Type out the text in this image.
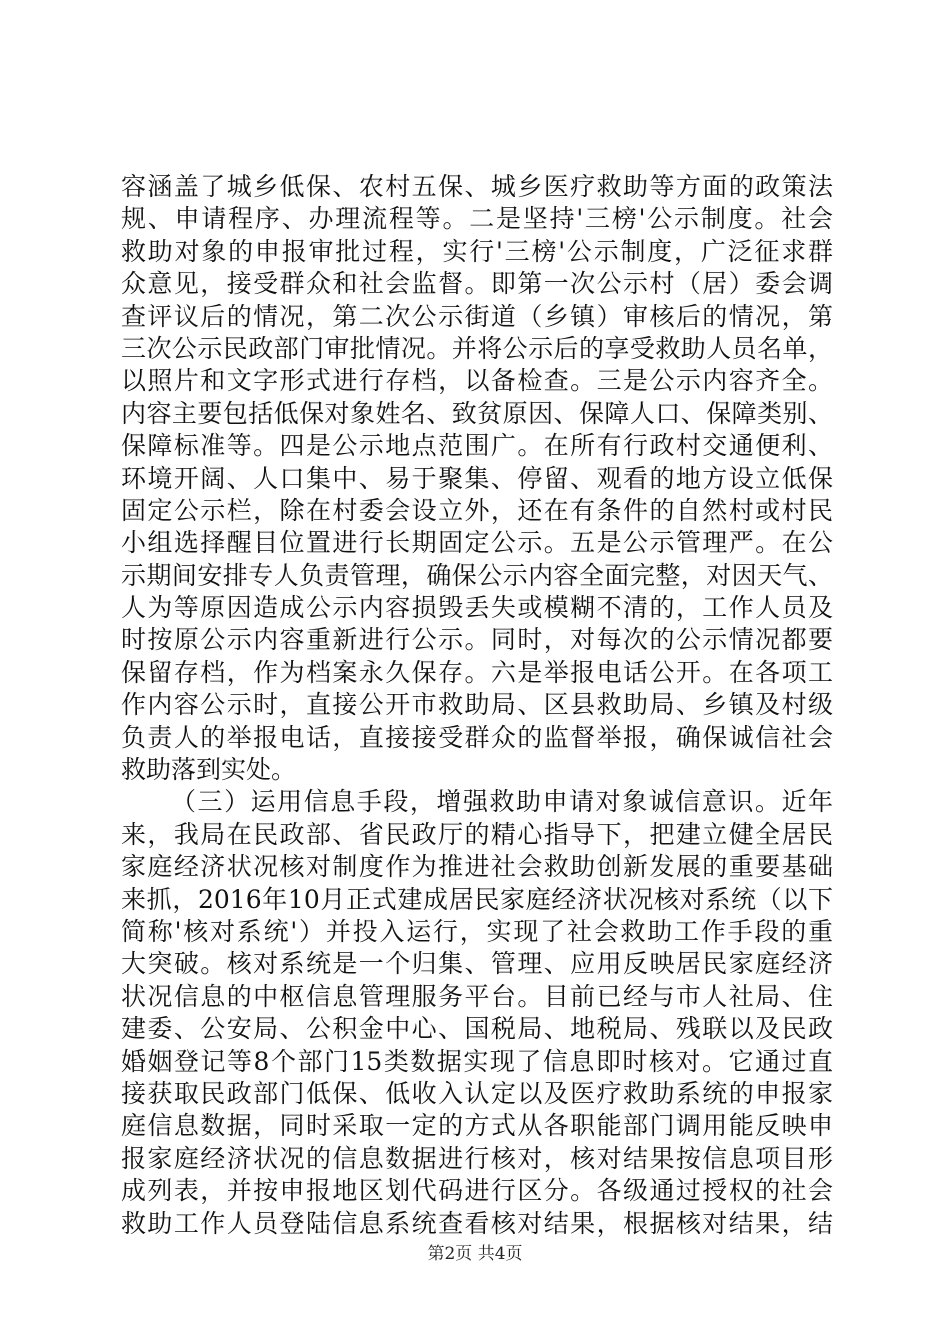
容涵盖了城乡低保、农村五保、城乡医疗救助等方面的政策法
规、申请程序、办理流程等。二是坚持'三榜'公示制度。社会
救助对象的申报审批过程，实行'三榜'公示制度，广泛征求群
众意见，接受群众和社会监督。即第一次公示村（居）委会调
查评议后的情况，第二次公示街道（乡镇）审核后的情况，第
三次公示民政部门审批情况。并将公示后的享受救助人员名单，
以照片和文字形式进行存档，以备检查。三是公示内容齐全。
内容主要包括低保对象姓名、致贫原因、保障人口、保障类别、
保障标准等。四是公示地点范围广。在所有行政村交通便利、
环境开阔、人口集中、易于聚集、停留、观看的地方设立低保
固定公示栏，除在村委会设立外，还在有条件的自然村或村民
小组选择醒目位置进行长期固定公示。五是公示管理严。在公
示期间安排专人负责管理，确保公示内容全面完整，对因天气、
人为等原因造成公示内容损毁丢失或模糊不清的，工作人员及
时按原公示内容重新进行公示。同时，对每次的公示情况都要
保留存档，作为档案永久保存。六是举报电话公开。在各项工
作内容公示时，直接公开市救助局、区县救助局、乡镇及村级
负责人的举报电话，直接接受群众的监督举报，确保诚信社会
救助落到实处。
（三）运用信息手段，增强救助申请对象诚信意识。近年
来，我局在民政部、省民政厅的精心指导下，把建立健全居民
家庭经济状况核对制度作为推进社会救助创新发展的重要基础
来抓，2016年10月正式建成居民家庭经济状况核对系统（以下
简称'核对系统'）并投入运行，实现了社会救助工作手段的重
大突破。核对系统是一个归集、管理、应用反映居民家庭经济
状况信息的中枢信息管理服务平台。目前已经与市人社局、住
建委、公安局、公积金中心、国税局、地税局、残联以及民政
婚姻登记等8个部门15类数据实现了信息即时核对。它通过直
接获取民政部门低保、低收入认定以及医疗救助系统的申报家
庭信息数据，同时采取一定的方式从各职能部门调用能反映申
报家庭经济状况的信息数据进行核对，核对结果按信息项目形
成列表，并按申报地区划代码进行区分。各级通过授权的社会
救助工作人员登陆信息系统查看核对结果，根据核对结果，结
第2页 共4页
